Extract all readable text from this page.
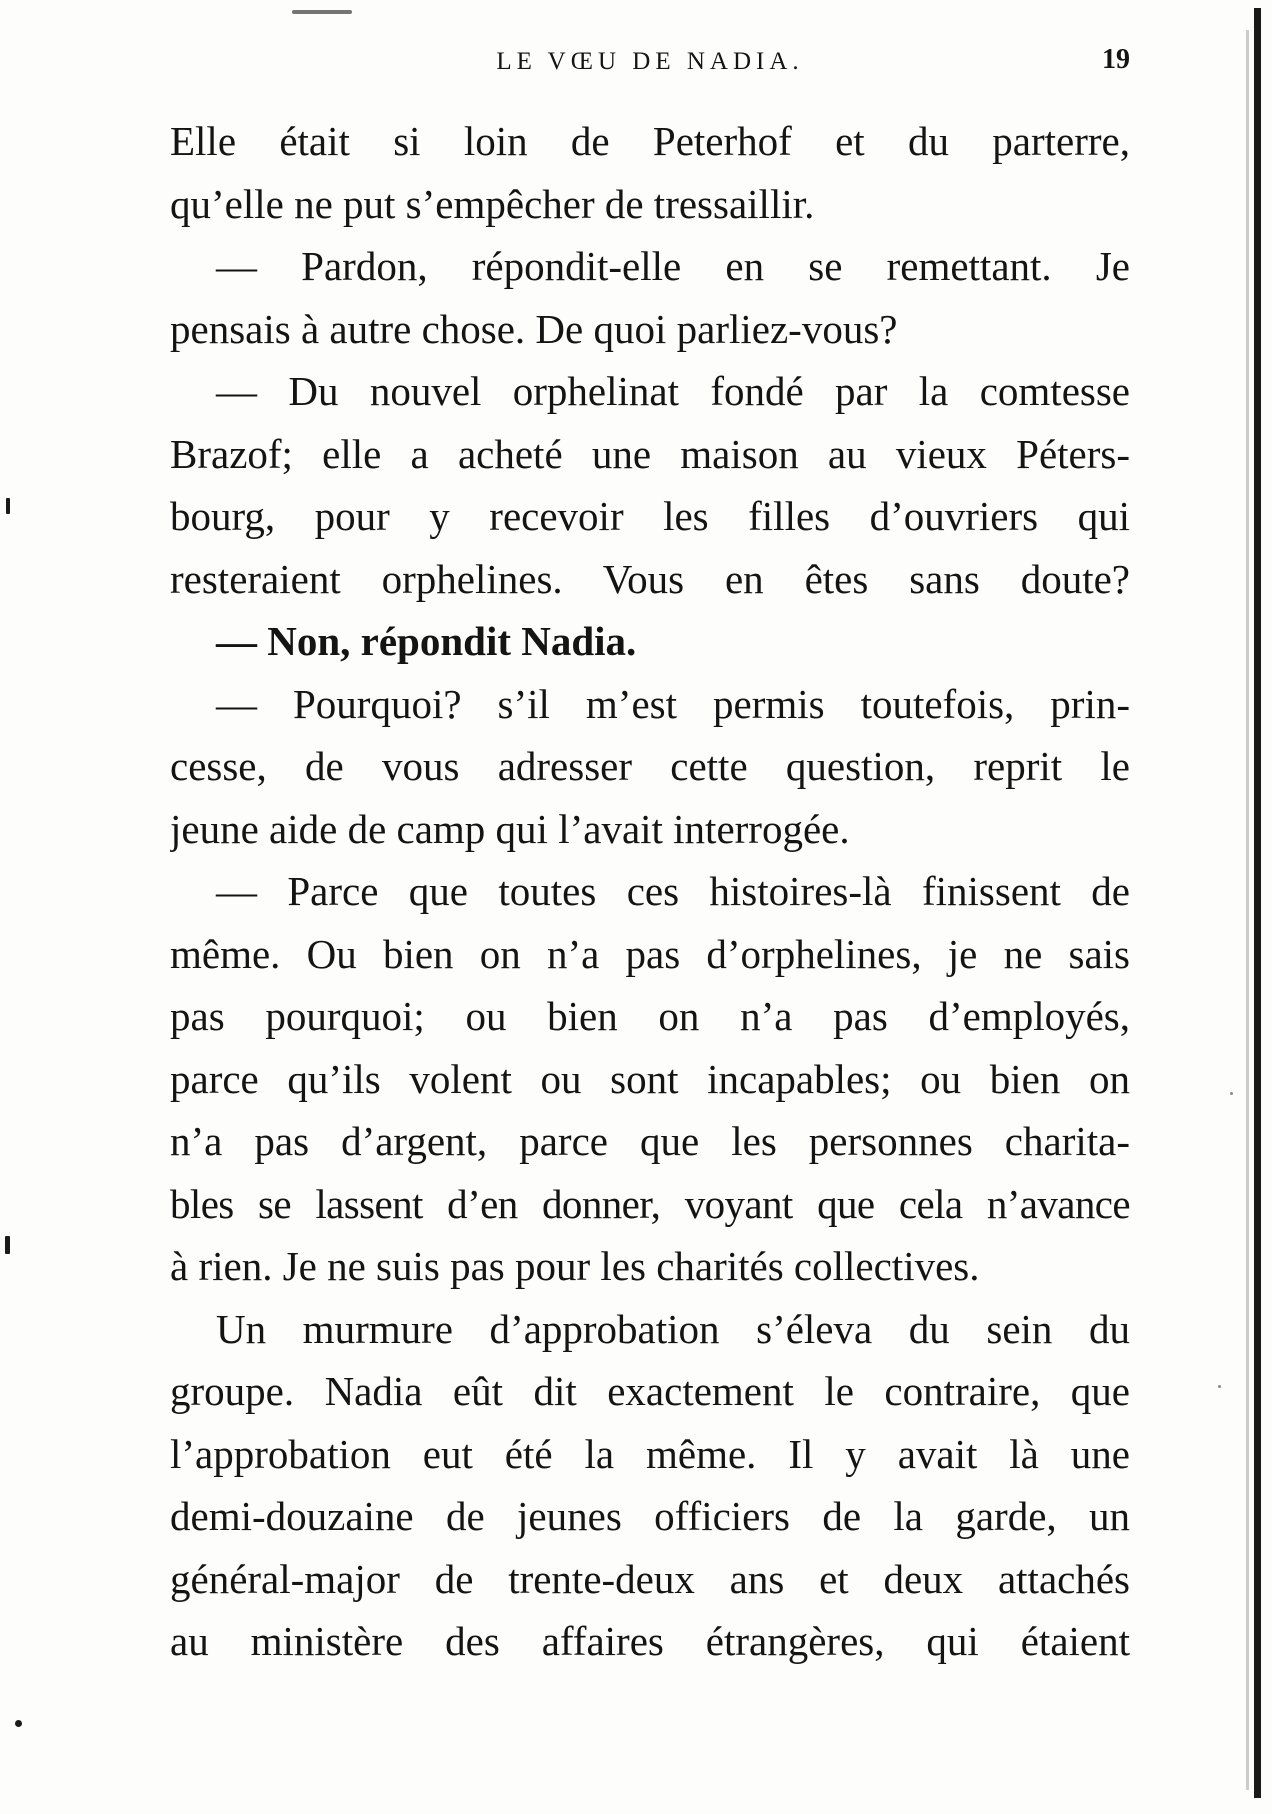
LE VŒU DE NADIA.	19
Elle était si loin de Peterhof et du parterre,
qu’elle ne put s’empêcher de tressaillir.
— Pardon, répondit-elle en se remettant. Je
pensais à autre chose. De quoi parliez-vous?
— Du nouvel orphelinat fondé par la comtesse
Brazof; elle a acheté une maison au vieux Péters-
bourg, pour y recevoir les filles d’ouvriers qui
resteraient orphelines. Vous en êtes sans doute?
— Non, répondit Nadia.
— Pourquoi? s’il m’est permis toutefois, prin-
cesse, de vous adresser cette question, reprit le
jeune aide de camp qui l’avait interrogée.
— Parce que toutes ces histoires-là finissent de
même. Ou bien on n’a pas d’orphelines, je ne sais
pas pourquoi; ou bien on n’a pas d’employés,
parce qu’ils volent ou sont incapables; ou bien on
n’a pas d’argent, parce que les personnes charita-
bles se lassent d’en donner, voyant que cela n’avance
à rien. Je ne suis pas pour les charités collectives.
Un murmure d’approbation s’éleva du sein du
groupe. Nadia eût dit exactement le contraire, que
l’approbation eut été la même. Il y avait là une
demi-douzaine de jeunes officiers de la garde, un
général-major de trente-deux ans et deux attachés
au ministère des affaires étrangères, qui étaient
